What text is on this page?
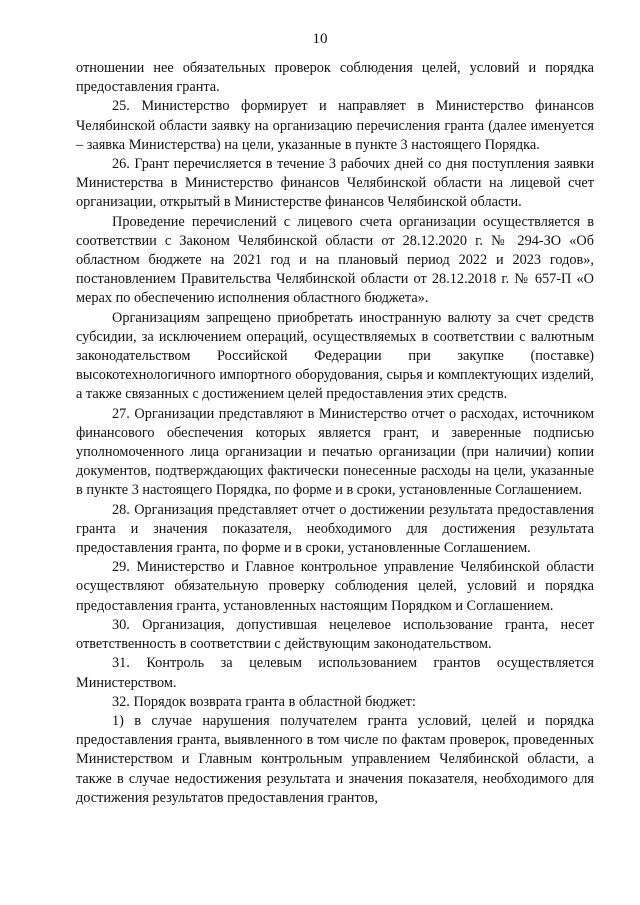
10

отношении нее обязательных проверок соблюдения целей, условий и порядка предоставления гранта.

25. Министерство формирует и направляет в Министерство финансов Челябинской области заявку на организацию перечисления гранта (далее именуется – заявка Министерства) на цели, указанные в пункте 3 настоящего Порядка.

26. Грант перечисляется в течение 3 рабочих дней со дня поступления заявки Министерства в Министерство финансов Челябинской области на лицевой счет организации, открытый в Министерстве финансов Челябинской области.

Проведение перечислений с лицевого счета организации осуществляется в соответствии с Законом Челябинской области от 28.12.2020 г. № 294-ЗО «Об областном бюджете на 2021 год и на плановый период 2022 и 2023 годов», постановлением Правительства Челябинской области от 28.12.2018 г. № 657-П «О мерах по обеспечению исполнения областного бюджета».

Организациям запрещено приобретать иностранную валюту за счет средств субсидии, за исключением операций, осуществляемых в соответствии с валютным законодательством Российской Федерации при закупке (поставке) высокотехнологичного импортного оборудования, сырья и комплектующих изделий, а также связанных с достижением целей предоставления этих средств.

27. Организации представляют в Министерство отчет о расходах, источником финансового обеспечения которых является грант, и заверенные подписью уполномоченного лица организации и печатью организации (при наличии) копии документов, подтверждающих фактически понесенные расходы на цели, указанные в пункте 3 настоящего Порядка, по форме и в сроки, установленные Соглашением.

28. Организация представляет отчет о достижении результата предоставления гранта и значения показателя, необходимого для достижения результата предоставления гранта, по форме и в сроки, установленные Соглашением.

29. Министерство и Главное контрольное управление Челябинской области осуществляют обязательную проверку соблюдения целей, условий и порядка предоставления гранта, установленных настоящим Порядком и Соглашением.

30. Организация, допустившая нецелевое использование гранта, несет ответственность в соответствии с действующим законодательством.

31. Контроль за целевым использованием грантов осуществляется Министерством.

32. Порядок возврата гранта в областной бюджет:

1) в случае нарушения получателем гранта условий, целей и порядка предоставления гранта, выявленного в том числе по фактам проверок, проведенных Министерством и Главным контрольным управлением Челябинской области, а также в случае недостижения результата и значения показателя, необходимого для достижения результатов предоставления грантов,
